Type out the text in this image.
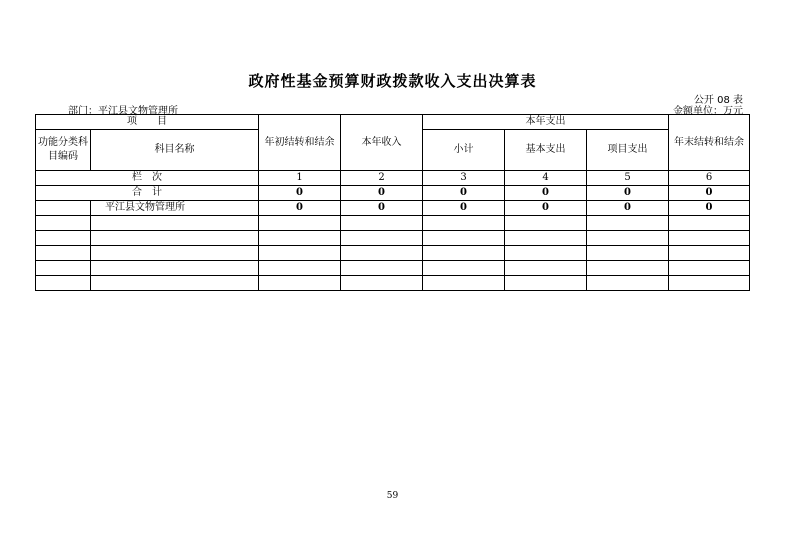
政府性基金预算财政拨款收入支出决算表
公开 08 表
部门：平江县文物管理所	金额单位：万元
项　　目		年初结转和结余	本年收入	本年支出			年末结转和结余
功能分类科目编码	科目名称			小计	基本支出	项目支出	

栏　次		1	2	3	4	5	6
合　计		0	0	0	0	0	0
	平江县文物管理所	0	0	0	0	0	0

59
